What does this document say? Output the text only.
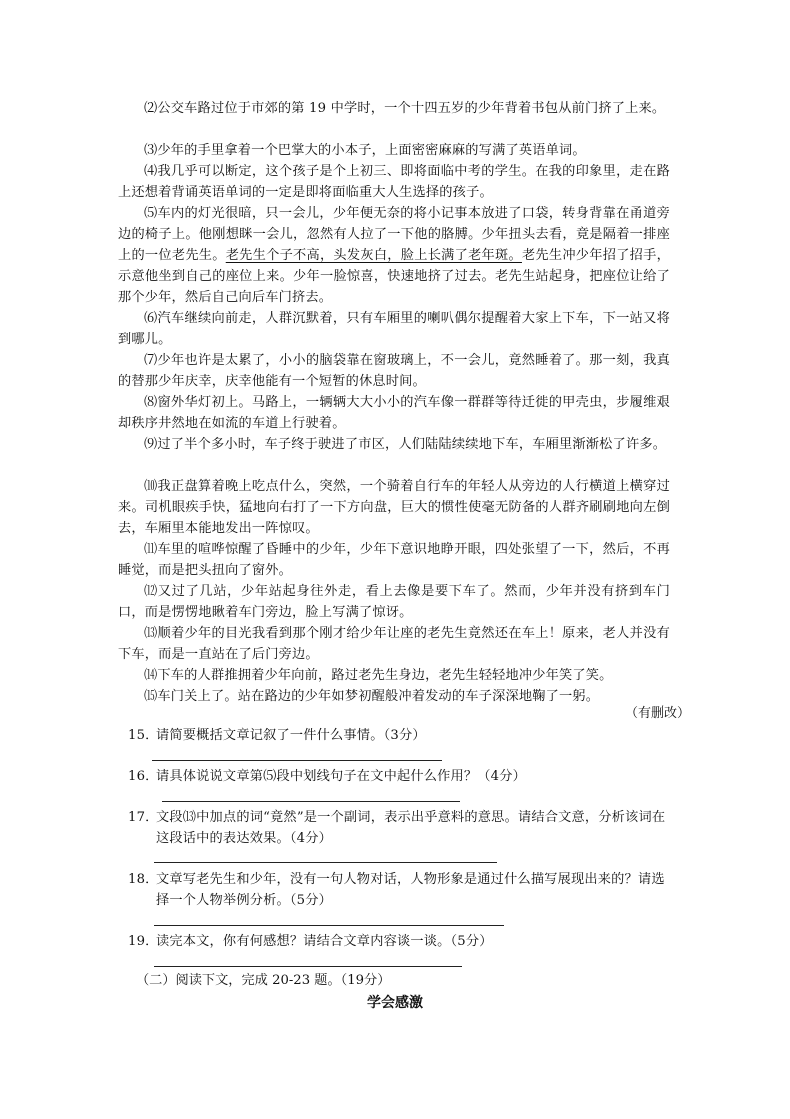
⑵公交车路过位于市郊的第 19 中学时，一个十四五岁的少年背着书包从前门挤了上来。

⑶少年的手里拿着一个巴掌大的小本子，上面密密麻麻的写满了英语单词。

⑷我几乎可以断定，这个孩子是个上初三、即将面临中考的学生。在我的印象里，走在路上还想着背诵英语单词的一定是即将面临重大人生选择的孩子。

⑸车内的灯光很暗，只一会儿，少年便无奈的将小记事本放进了口袋，转身背靠在甬道旁边的椅子上。他刚想眯一会儿，忽然有人拉了一下他的胳膊。少年扭头去看，竟是隔着一排座上的一位老先生。老先生个子不高，头发灰白，脸上长满了老年斑。老先生冲少年招了招手，示意他坐到自己的座位上来。少年一脸惊喜，快速地挤了过去。老先生站起身，把座位让给了那个少年，然后自己向后车门挤去。

⑹汽车继续向前走，人群沉默着，只有车厢里的喇叭偶尔提醒着大家上下车，下一站又将到哪儿。

⑺少年也许是太累了，小小的脑袋靠在窗玻璃上，不一会儿，竟然睡着了。那一刻，我真的替那少年庆幸，庆幸他能有一个短暂的休息时间。

⑻窗外华灯初上。马路上，一辆辆大大小小的汽车像一群群等待迁徙的甲壳虫，步履维艰却秩序井然地在如流的车道上行驶着。

⑼过了半个多小时，车子终于驶进了市区，人们陆陆续续地下车，车厢里渐渐松了许多。

⑽我正盘算着晚上吃点什么，突然，一个骑着自行车的年轻人从旁边的人行横道上横穿过来。司机眼疾手快，猛地向右打了一下方向盘，巨大的惯性使毫无防备的人群齐刷刷地向左倒去，车厢里本能地发出一阵惊叹。

⑾车里的喧哗惊醒了昏睡中的少年，少年下意识地睁开眼，四处张望了一下，然后，不再睡觉，而是把头扭向了窗外。

⑿又过了几站，少年站起身往外走，看上去像是要下车了。然而，少年并没有挤到车门口，而是愣愣地瞅着车门旁边，脸上写满了惊讶。

⒀顺着少年的目光我看到那个刚才给少年让座的老先生竟然还在车上！原来，老人并没有下车，而是一直站在了后门旁边。

⒁下车的人群推拥着少年向前，路过老先生身边，老先生轻轻地冲少年笑了笑。

⒂车门关上了。站在路边的少年如梦初醒般冲着发动的车子深深地鞠了一躬。

（有删改）
15．请简要概括文章记叙了一件什么事情。（3分）
16．请具体说说文章第⑸段中划线句子在文中起什么作用？（4分）
17．文段⒀中加点的词“竟然”是一个副词，表示出乎意料的意思。请结合文意，分析该词在这段话中的表达效果。（4分）
18．文章写老先生和少年，没有一句人物对话，人物形象是通过什么描写展现出来的？请选择一个人物举例分析。（5分）
19．读完本文，你有何感想？请结合文章内容谈一谈。（5分）
（二）阅读下文，完成 20-23 题。（19分）
学会感激
